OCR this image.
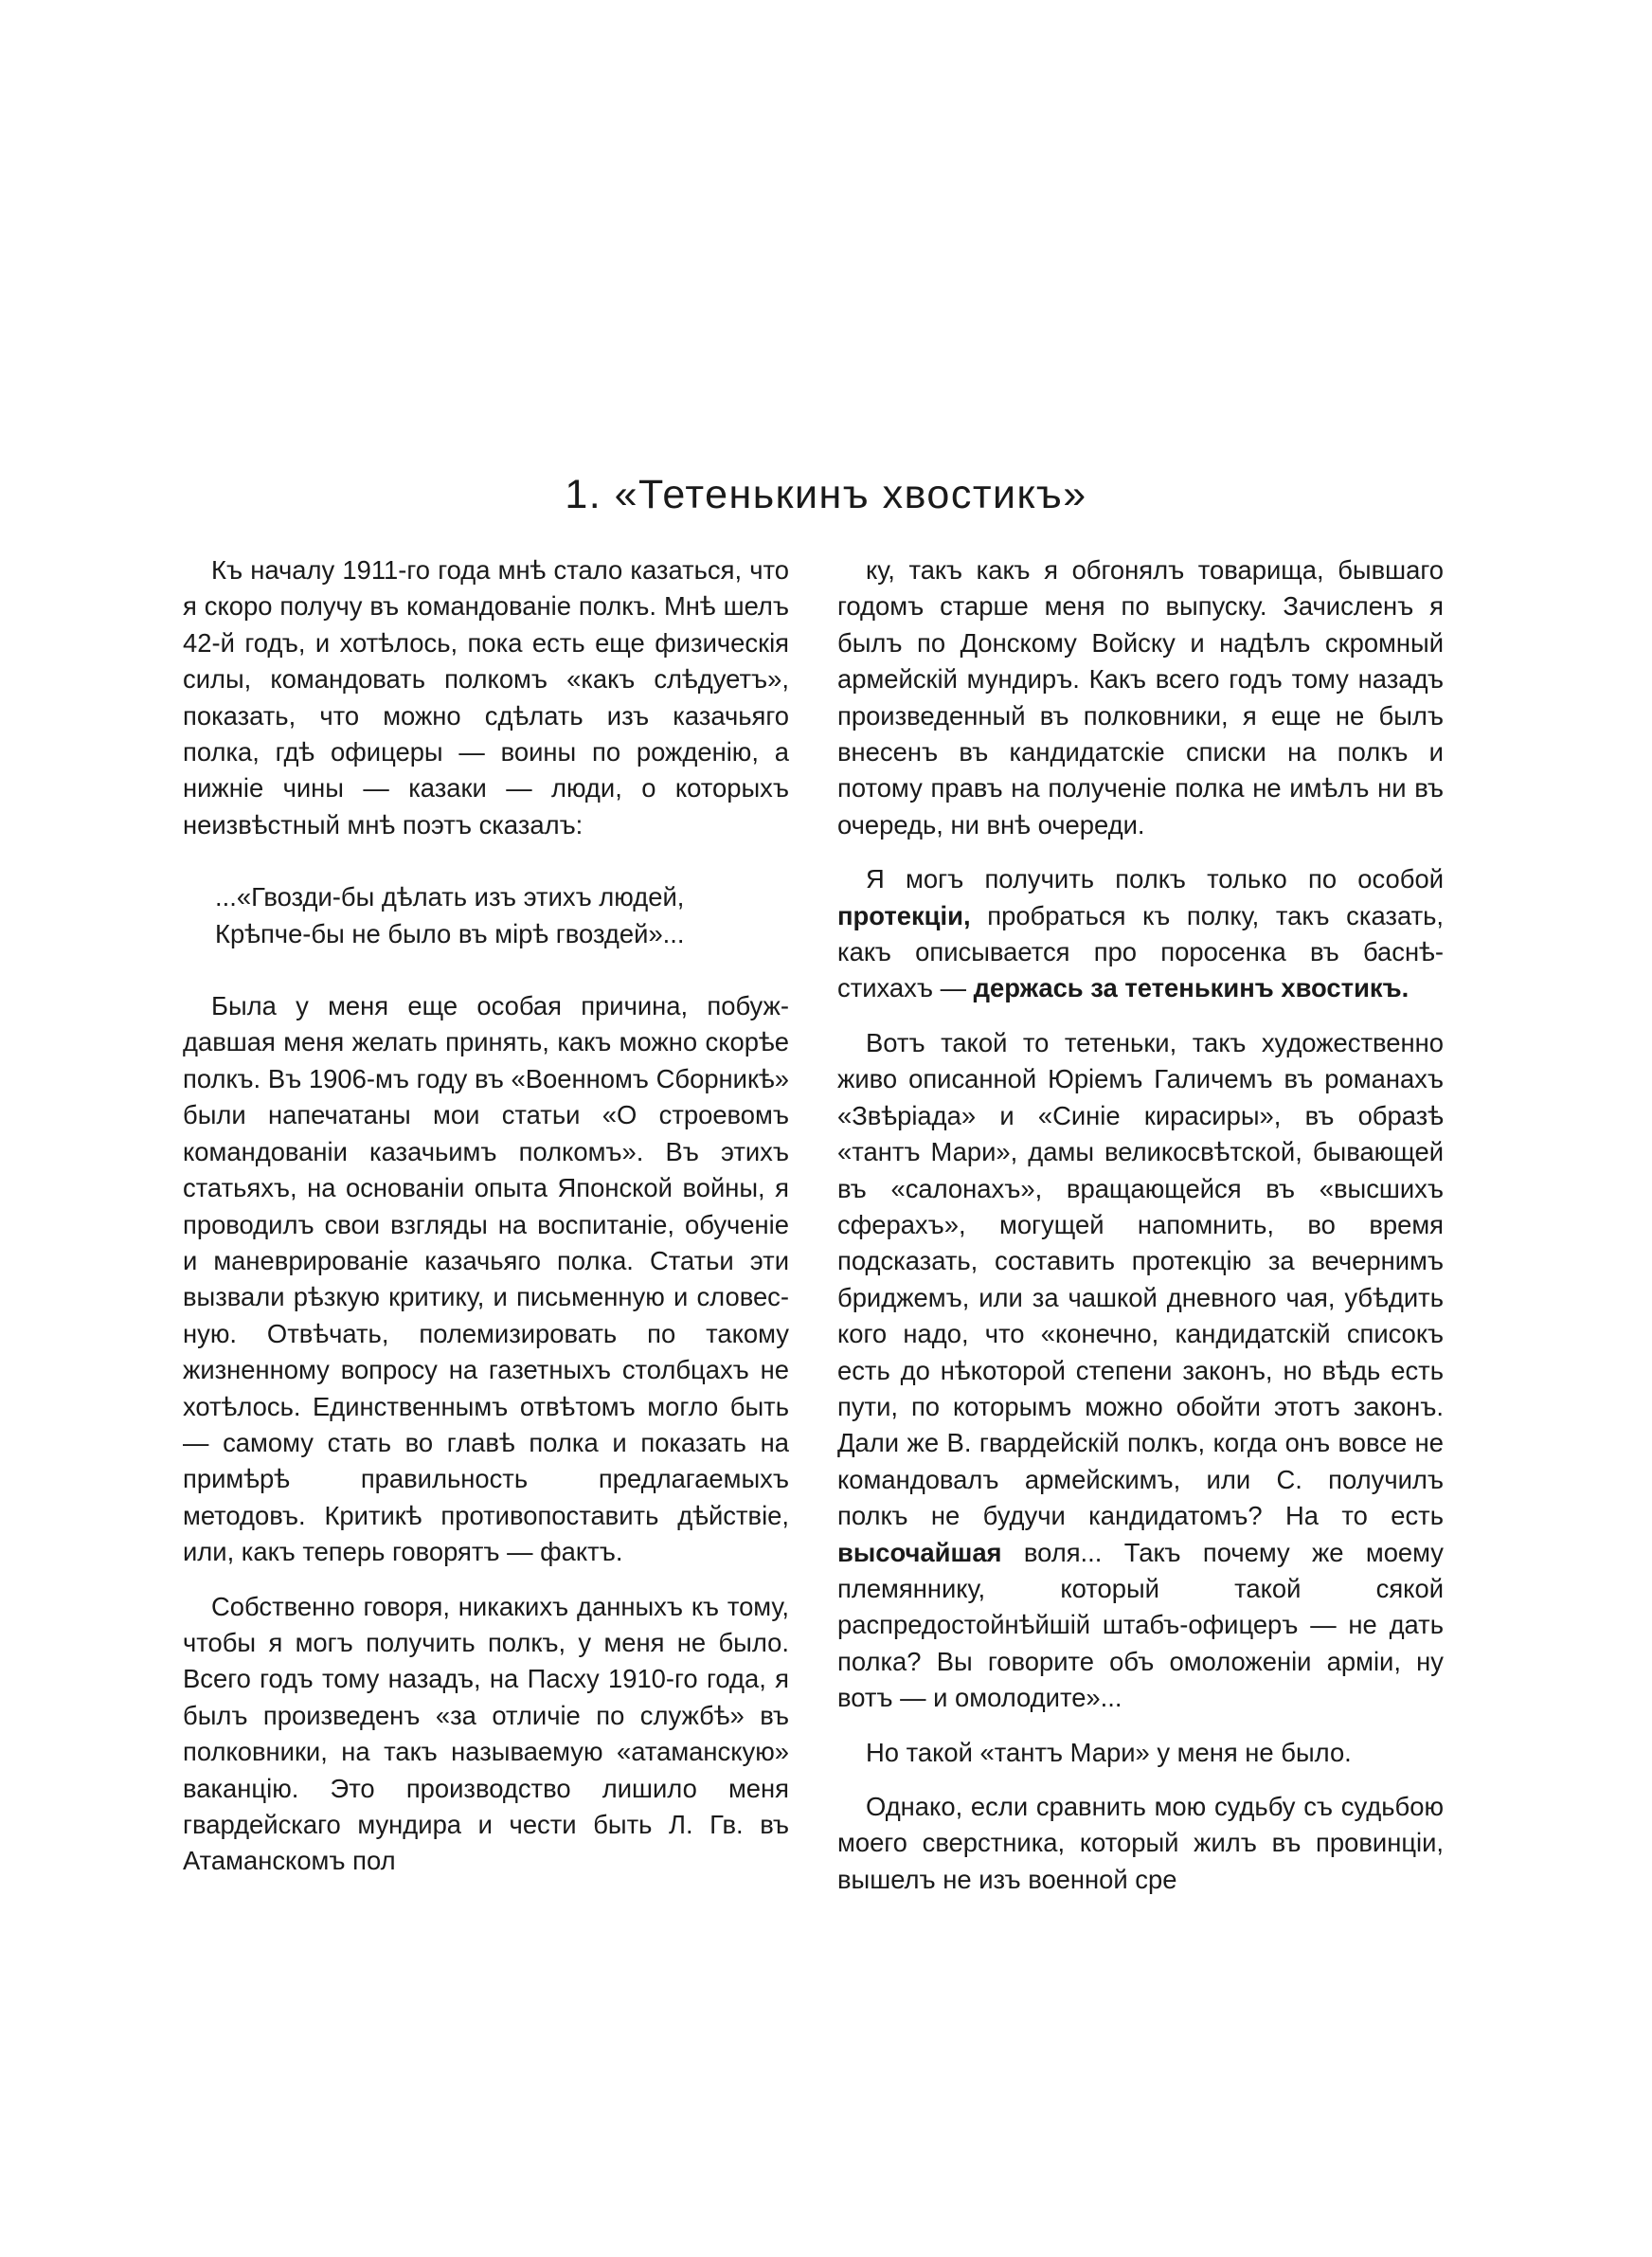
1. «Тетенькинъ хвостикъ»

Къ началу 1911-го года мнѣ стало казаться, что я скоро получу въ командованіе полкъ. Мнѣ шелъ 42-й годъ, и хотѣлось, пока есть еще физическія силы, командовать полкомъ «какъ слѣдуетъ», показать, что можно сдѣлать изъ казачьяго полка, гдѣ офицеры — воины по рожденію, а нижніе чины — казаки — люди, о которыхъ неизвѣстный мнѣ поэтъ сказалъ:

...«Гвозди-бы дѣлать изъ этихъ людей,
Крѣпче-бы не было въ мірѣ гвоздей»...

Была у меня еще особая причина, побуждавшая меня желать принять, какъ можно скорѣе полкъ. Въ 1906-мъ году въ «Военномъ Сборникѣ» были напечатаны мои статьи «О строевомъ командованіи казачьимъ полкомъ». Въ этихъ статьяхъ, на основаніи опыта Японской войны, я проводилъ свои взгляды на воспитаніе, обученіе и маневрированіе казачьяго полка. Статьи эти вызвали рѣзкую критику, и письменную и словесную. Отвѣчать, полемизировать по такому жизненному вопросу на газетныхъ столбцахъ не хотѣлось. Единственнымъ отвѣтомъ могло быть — самому стать во главѣ полка и показать на примѣрѣ правильность предлагаемыхъ методовъ. Критикѣ противопоставить дѣйствіе, или, какъ теперь говорятъ — фактъ.

Собственно говоря, никакихъ данныхъ къ тому, чтобы я могъ получить полкъ, у меня не было. Всего годъ тому назадъ, на Пасху 1910-го года, я былъ произведенъ «за отличіе по службѣ» въ полковники, на такъ называемую «атаманскую» ваканцію. Это производство лишило меня гвардейскаго мундира и чести быть Л. Гв. въ Атаманскомъ пол

ку, такъ какъ я обгонялъ товарища, бывшаго годомъ старше меня по выпуску. Зачисленъ я былъ по Донскому Войску и надѣлъ скромный армейскій мундиръ. Какъ всего годъ тому назадъ произведенный въ полковники, я еще не былъ внесенъ въ кандидатскіе списки на полкъ и потому правъ на полученіе полка не имѣлъ ни въ очередь, ни внѣ очереди.

Я могъ получить полкъ только по особой протекціи, пробраться къ полку, такъ сказать, какъ описывается про поросенка въ баснѣ-стихахъ — держась за тетенькинъ хвостикъ.

Вотъ такой то тетеньки, такъ художественно живо описанной Юріемъ Галичемъ въ романахъ «Звѣріада» и «Синіе кирасиры», въ образѣ «тантъ Мари», дамы великосвѣтской, бывающей въ «салонахъ», вращающейся въ «высшихъ сферахъ», могущей напомнить, во время подсказать, составить протекцію за вечернимъ бриджемъ, или за чашкой дневного чая, убѣдить кого надо, что «конечно, кандидатскій списокъ есть до нѣкоторой степени законъ, но вѣдь есть пути, по которымъ можно обойти этотъ законъ. Дали же В. гвардейскій полкъ, когда онъ вовсе не командовалъ армейскимъ, или С. получилъ полкъ не будучи кандидатомъ? На то есть высочайшая воля... Такъ почему же моему племяннику, который такой сякой распредостойнѣйшій штабъ-офицеръ — не дать полка? Вы говорите объ омоложеніи арміи, ну вотъ — и омолодите»...

Но такой «тантъ Мари» у меня не было.

Однако, если сравнить мою судьбу съ судьбою моего сверстника, который жилъ въ провинціи, вышелъ не изъ военной сре
